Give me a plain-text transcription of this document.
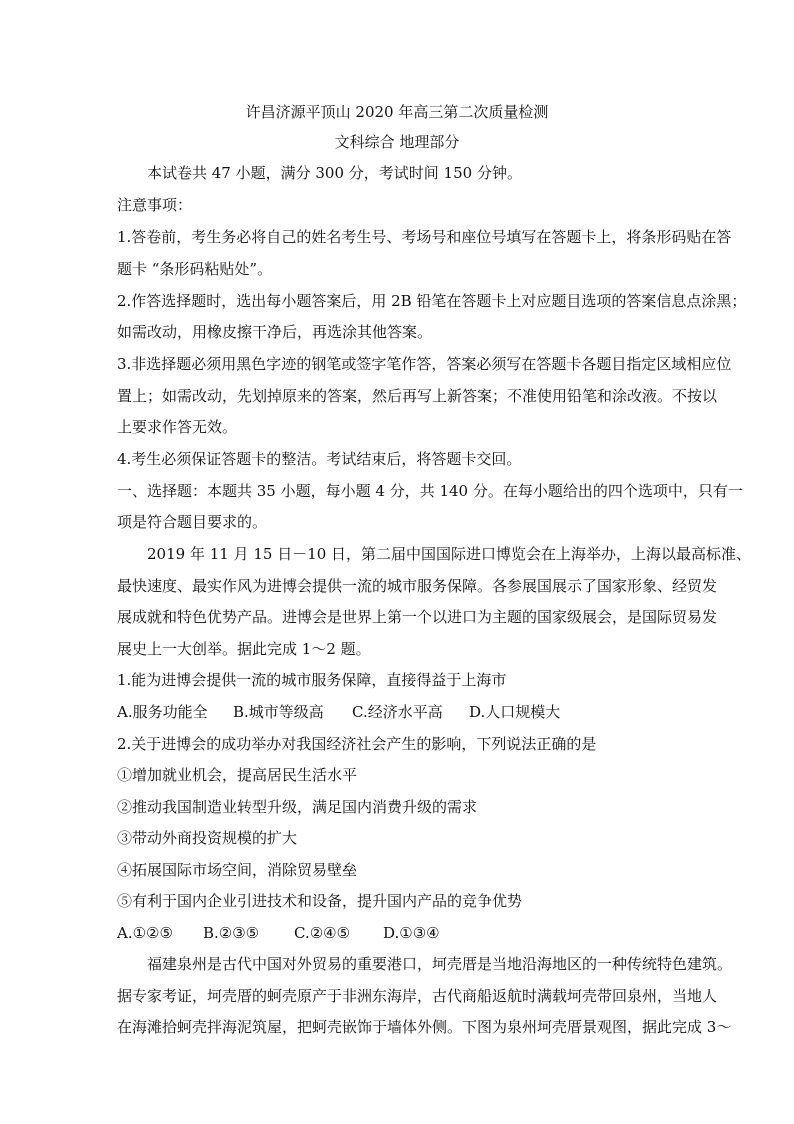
许昌济源平顶山 2020 年高三第二次质量检测
文科综合 地理部分
本试卷共 47 小题，满分 300 分，考试时间 150 分钟。
注意事项：
1.答卷前，考生务必将自己的姓名考生号、考场号和座位号填写在答题卡上，将条形码贴在答
题卡 “条形码粘贴处”。
2.作答选择题时，选出每小题答案后，用 2B 铅笔在答题卡上对应题目选项的答案信息点涂黑；
如需改动，用橡皮擦干净后，再选涂其他答案。
3.非选择题必须用黑色字迹的钢笔或签字笔作答，答案必须写在答题卡各题目指定区域相应位
置上；如需改动，先划掉原来的答案，然后再写上新答案；不准使用铅笔和涂改液。不按以
上要求作答无效。
4.考生必须保证答题卡的整洁。考试结束后，将答题卡交回。
一、选择题：本题共 35 小题，每小题 4 分，共 140 分。在每小题给出的四个选项中，只有一
项是符合题目要求的。
2019 年 11 月 15 日－10 日，第二届中国国际进口博览会在上海举办，上海以最高标准、
最快速度、最实作风为进博会提供一流的城市服务保障。各参展国展示了国家形象、经贸发
展成就和特色优势产品。进博会是世界上第一个以进口为主题的国家级展会，是国际贸易发
展史上一大创举。据此完成 1～2 题。
1.能为进博会提供一流的城市服务保障，直接得益于上海市
A.服务功能全 B.城市等级高 C.经济水平高 D.人口规模大
2.关于进博会的成功举办对我国经济社会产生的影响，下列说法正确的是
①增加就业机会，提高居民生活水平
②推动我国制造业转型升级，满足国内消费升级的需求
③带动外商投资规模的扩大
④拓展国际市场空间，消除贸易壁垒
⑤有利于国内企业引进技术和设备，提升国内产品的竞争优势
A.①②⑤ B.②③⑤ C.②④⑤ D.①③④
福建泉州是古代中国对外贸易的重要港口，坷壳厝是当地沿海地区的一种传统特色建筑。
据专家考证，坷壳厝的蚵壳原产于非洲东海岸，古代商船返航时满载坷壳带回泉州，当地人
在海滩拾蚵壳拌海泥筑屋，把蚵壳嵌饰于墙体外侧。下图为泉州坷壳厝景观图，据此完成 3～
